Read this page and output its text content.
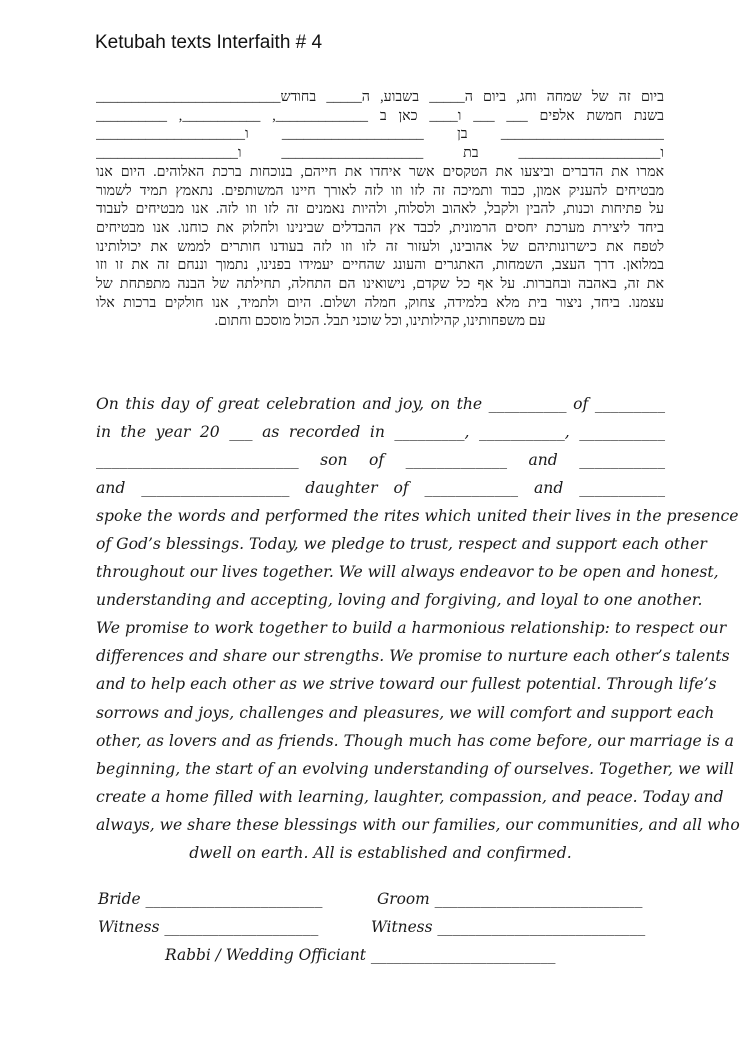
Ketubah texts Interfaith # 4
ביום זה של שמחה וחג, ביום ה_____ בשבוע, ה_____ בחודש__________________________
בשנת חמשת אלפים ___ ___ ו____ כאן ב _____________, ___________, __________
_______________________ בן ____________________ ו_____________________
ו____________________ בת ____________________ ו____________________
אמרו את הדברים וביצעו את הטקסים אשר איחדו את חייהם, בנוכחות ברכת האלוהים. היום אנו
מבטיחים להעניק אמון, כבוד ותמיכה זה לזו וזו לזה לאורך חיינו המשותפים. נתאמץ תמיד לשמור
על פתיחות וכנות, להבין ולקבל, לאהוב ולסלוח, ולהיות נאמנים זה לזו וזו לזה. אנו מבטיחים לעבוד
ביחד ליצירת מערכת יחסים הרמונית, לכבד אץ ההבדלים שבינינו ולחלוק את כוחנו. אנו מבטיחים
לטפח את כישרונותיהם של אהובינו, ולעזור זה לזו וזו לזה בעודנו חותרים לממש את יכולותינו
במלואן. דרך העצב, השמחות, האתגרים והעונג שהחיים יעמידו בפנינו, נתמוך וננחם זה את זו וזו
את זה, באהבה ובחברות. על אף כל שקדם, נישואינו הם התחלה, תחילתה של הבנה מתפתחת של
עצמנו. ביחד, ניצור בית מלא בלמידה, צחוק, חמלה ושלום. היום ולתמיד, אנו חולקים ברכות אלו
עם משפחותינו, קהילותינו, וכל שוכני תבל. הכול מוסכם וחתום.
On this day of great celebration and joy, on the __________ of _________
in the year 20 ___ as recorded in _________, ___________, ___________
__________________________ son of _____________ and ___________
and ___________________ daughter of ____________ and ___________
spoke the words and performed the rites which united their lives in the presence
of God’s blessings. Today, we pledge to trust, respect and support each other
throughout our lives together. We will always endeavor to be open and honest,
understanding and accepting, loving and forgiving, and loyal to one another.
We promise to work together to build a harmonious relationship: to respect our
differences and share our strengths. We promise to nurture each other’s talents
and to help each other as we strive toward our fullest potential. Through life’s
sorrows and joys, challenges and pleasures, we will comfort and support each
other, as lovers and as friends. Though much has come before, our marriage is a
beginning, the start of an evolving understanding of ourselves. Together, we will
create a home filled with learning, laughter, compassion, and peace. Today and
always, we share these blessings with our families, our communities, and all who
dwell on earth. All is established and confirmed.
Bride _______________________	Groom ___________________________
Witness ____________________	Witness ___________________________
Rabbi / Wedding Officiant ________________________
